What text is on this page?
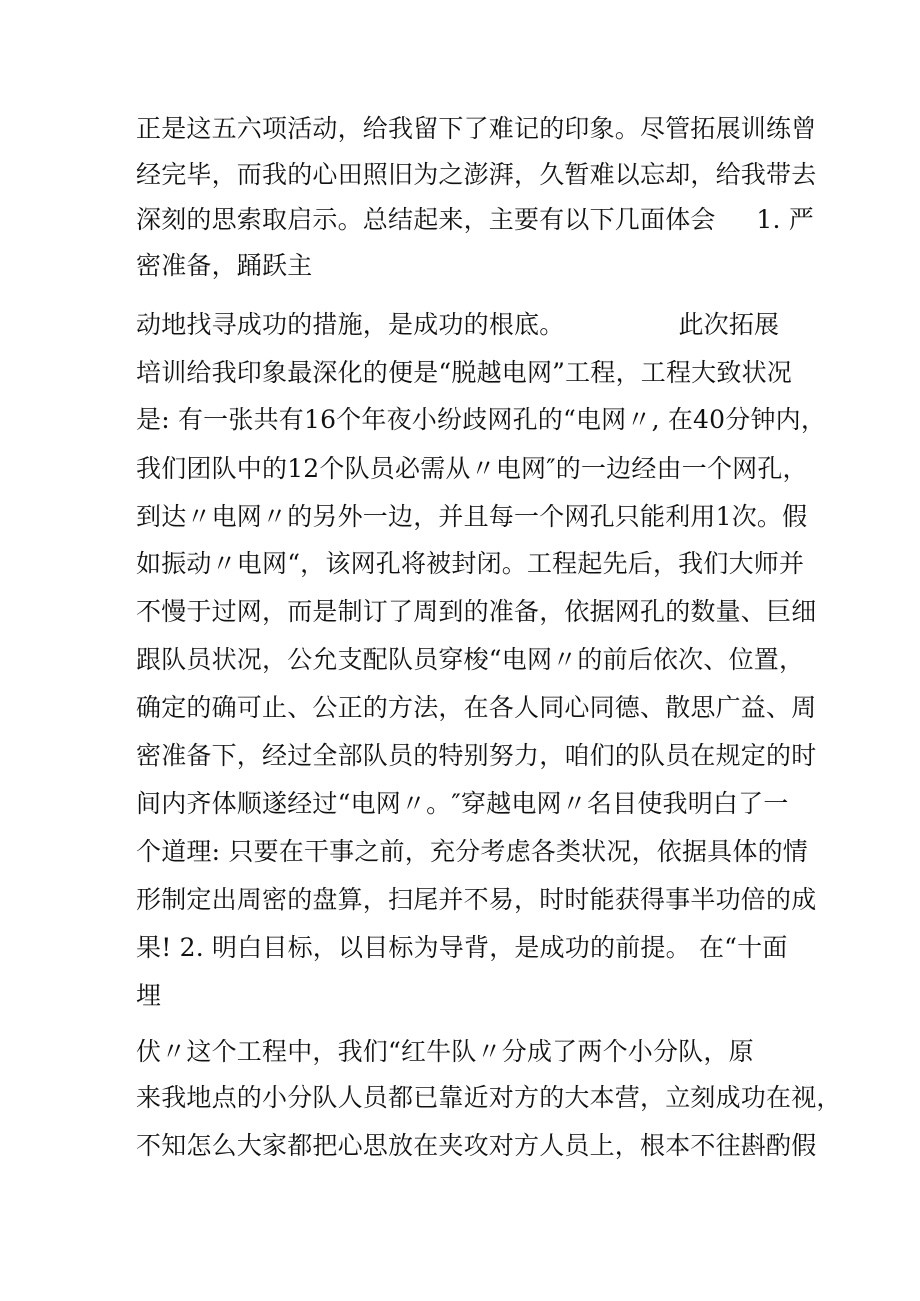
正是这五六项活动，给我留下了难记的印象。尽管拓展训练曾
经完毕，而我的心田照旧为之澎湃，久暂难以忘却，给我带去
深刻的思索取启示。总结起来，主要有以下几面体会     1. 严
密准备，踊跃主
动地找寻成功的措施，是成功的根底。              此次拓展
培训给我印象最深化的便是“脱越电网”工程，工程大致状况
是: 有一张共有16个年夜小纷歧网孔的“电网〃, 在40分钟内，
我们团队中的12个队员必需从〃电网″的一边经由一个网孔，
到达〃电网〃的另外一边，并且每一个网孔只能利用1次。假
如振动〃电网“，该网孔将被封闭。工程起先后，我们大师并
不慢于过网，而是制订了周到的准备，依据网孔的数量、巨细
跟队员状况，公允支配队员穿梭“电网〃的前后依次、位置，
确定的确可止、公正的方法，在各人同心同德、散思广益、周
密准备下，经过全部队员的特别努力，咱们的队员在规定的时
间内齐体顺遂经过“电网〃。″穿越电网〃名目使我明白了一
个道理: 只要在干事之前，充分考虑各类状况，依据具体的情
形制定出周密的盘算，扫尾并不易，时时能获得事半功倍的成
果! 2. 明白目标，以目标为导背，是成功的前提。 在“十面
埋
伏〃这个工程中，我们“红牛队〃分成了两个小分队，原
来我地点的小分队人员都已靠近对方的大本营，立刻成功在视，
不知怎么大家都把心思放在夹攻对方人员上，根本不往斟酌假
